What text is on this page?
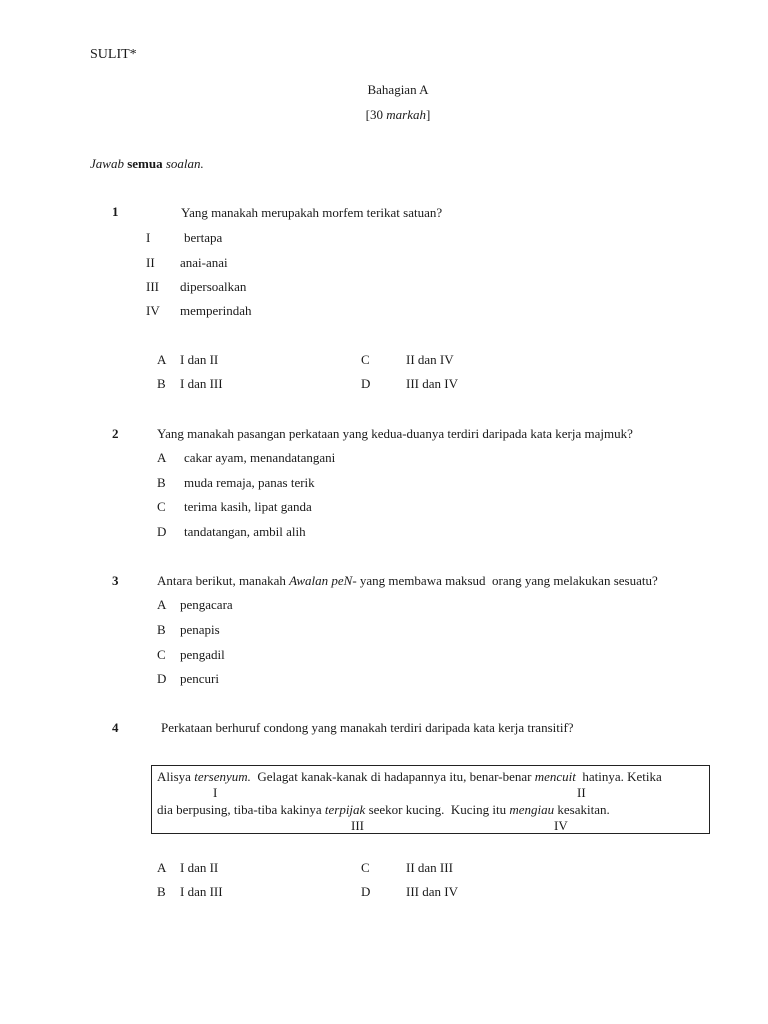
SULIT*
Bahagian A
[30 markah]
Jawab semua soalan.
1	Yang manakah merupakah morfem terikat satuan?
I	bertapa
II anai-anai
III dipersoalkan
IV memperindah
A I dan II
B I dan III
C	II dan IV
D	III dan IV
2	Yang manakah pasangan perkataan yang kedua-duanya terdiri daripada kata kerja majmuk?
A cakar ayam, menandatangani
B muda remaja, panas terik
C terima kasih, lipat ganda
D tandatangan, ambil alih
3	Antara berikut, manakah Awalan peN- yang membawa maksud  orang yang melakukan sesuatu?
A pengacara
B penapis
C pengadil
D pencuri
4	Perkataan berhuruf condong yang manakah terdiri daripada kata kerja transitif?
Alisya tersenyum.  Gelagat kanak-kanak di hadapannya itu, benar-benar mencuit  hatinya. Ketika
I	II
dia berpusing, tiba-tiba kakinya terpijak seekor kucing.  Kucing itu mengiau kesakitan.
III	IV
A I dan II
B I dan III
C	II dan III
D	III dan IV
